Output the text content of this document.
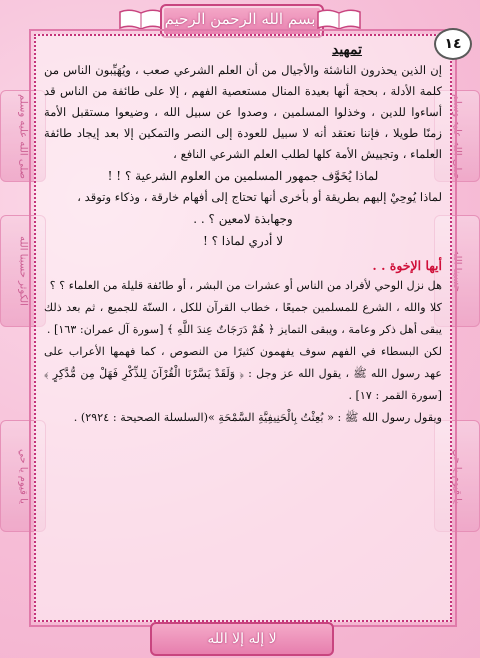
بسم الله الرحمن الرحيم
صلى الله عليه وسلم
الكوثر حسبنا الله
يا قيوم يا حي
صلى الله عليه وسلم
حسبنا الله
يا قيوم يا حي
١٤

تمهيد

إن الذين يحذرون الناشئة والأجيال من أن العلم الشرعي صعب ، ويُهَيِّبون الناس من كلمة الأدلة ، بحجة أنها بعيدة المنال مستعصية الفهم ، إلا على طائفة من الناس قد أساءوا للدين ، وخذلوا المسلمين ، وصدوا عن سبيل الله ، وضيعوا مستقبل الأمة زمنًا طويلا ، فإننا نعتقد أنه لا سبيل للعودة إلى النصر والتمكين إلا بعد إيجاد طائفة العلماء ، وتجييش الأمة كلها لطلب العلم الشرعي النافع ،

لماذا يُخَوَّف جمهور المسلمين من العلوم الشرعية ؟ ! !

لماذا يُوحِيْ إليهم بطريقة أو بأخرى أنها تحتاج إلى أفهام خارقة ، وذكاء وتوقد ،

وجهابذة لامعين ؟ . .

لا أدري لماذا ؟ !

أيها الإخوة . .

هل نزل الوحي لأفراد من الناس أو عشرات من البشر ، أو طائفة قليلة من العلماء ؟ ؟

كلا والله ، الشرع للمسلمين جميعًا ، خطاب القرآن للكل ، السنّة للجميع ، ثم بعد ذلك يبقى أهل ذكر وعامة ، ويبقى التمايز ﴿ هُمْ دَرَجَاتٌ عِندَ اللَّهِ ﴾ [سورة آل عمران: ١٦٣] .

لكن البسطاء في الفهم سوف يفهمون كثيرًا من النصوص ، كما فهمها الأعراب على عهد رسول الله ﷺ ، يقول الله عز وجل : ﴿ وَلَقَدْ يَسَّرْنَا الْقُرْآنَ لِلذِّكْرِ فَهَلْ مِن مُّدَّكِرٍ ﴾ [سورة القمر : ١٧] .

ويقول رسول الله ﷺ : « بُعِثْتُ بِالْحَنِيفِيَّةِ السَّمْحَةِ »(السلسلة الصحيحة : ٢٩٢٤) .

لا إله إلا الله
